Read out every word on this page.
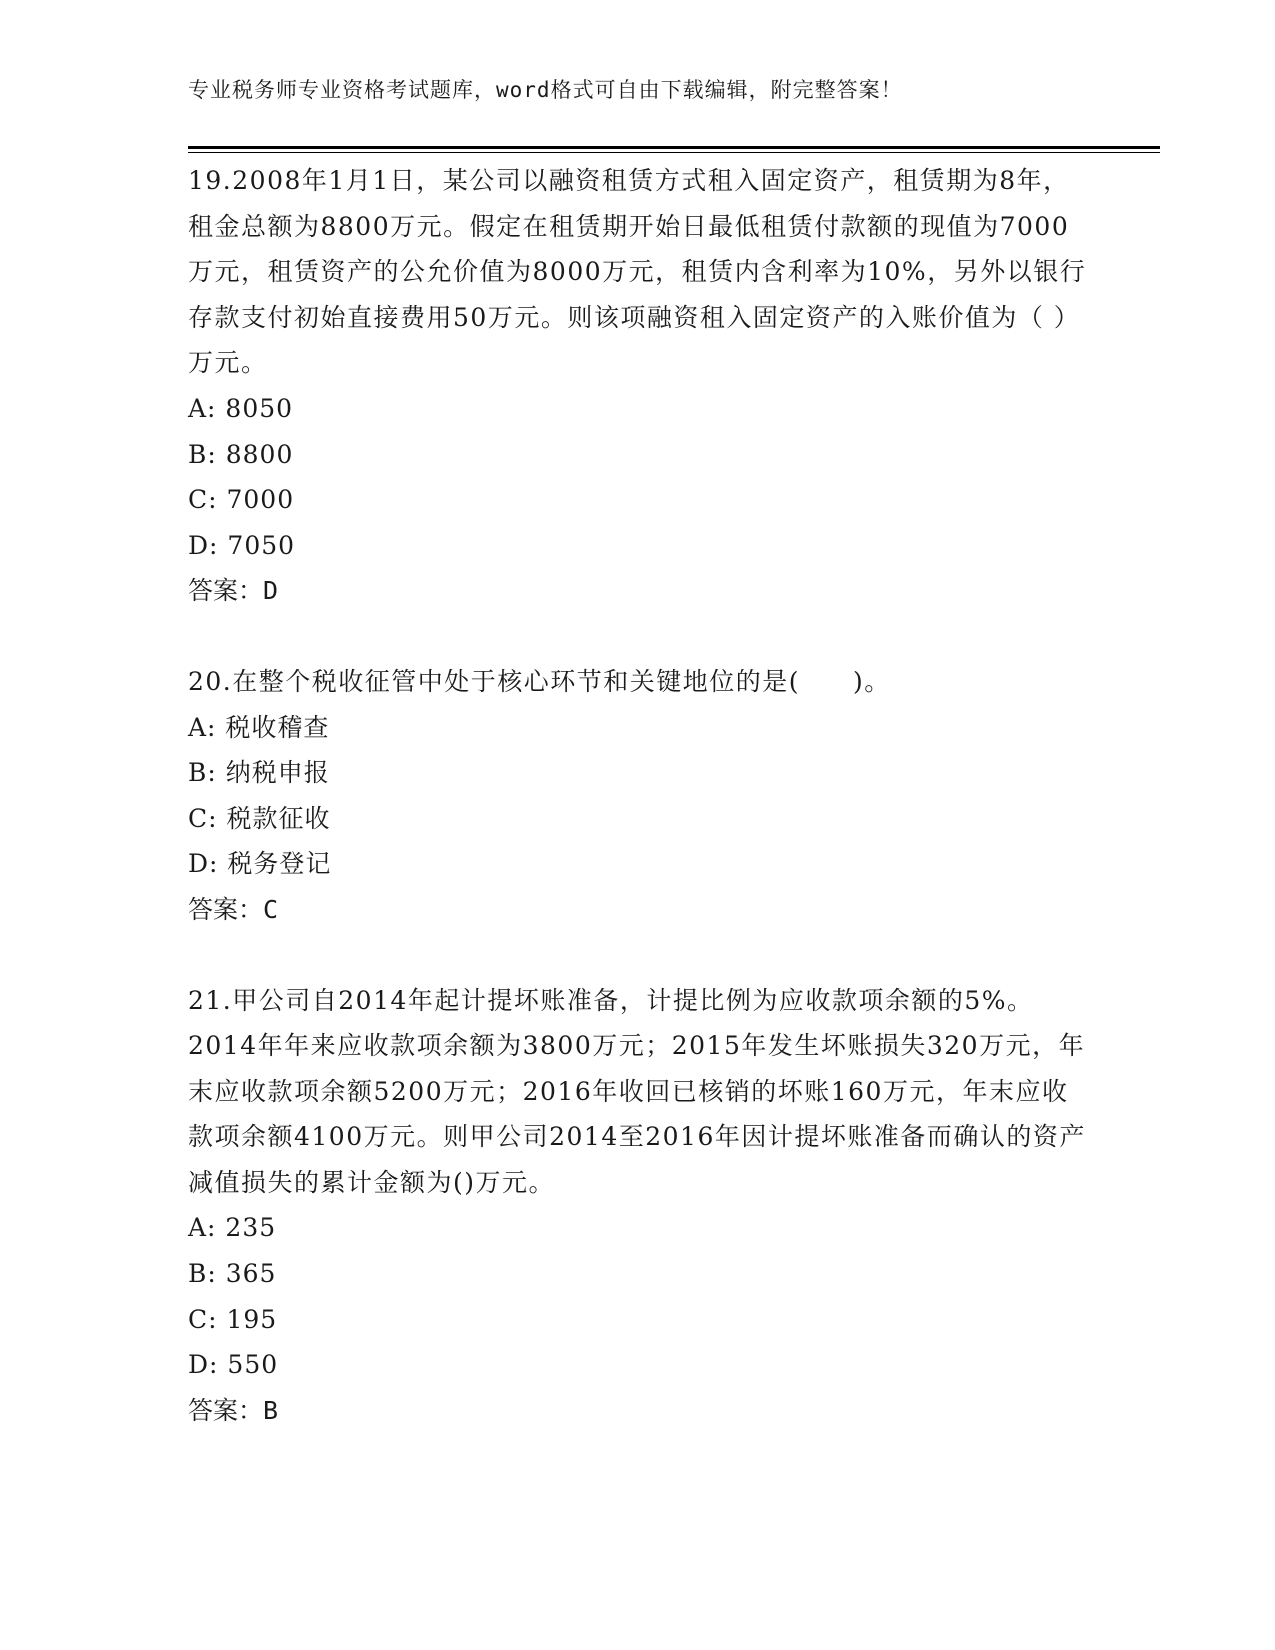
专业税务师专业资格考试题库，word格式可自由下载编辑，附完整答案！

19.2008年1月1日，某公司以融资租赁方式租入固定资产，租赁期为8年，租金总额为8800万元。假定在租赁期开始日最低租赁付款额的现值为7000万元，租赁资产的公允价值为8000万元，租赁内含利率为10%，另外以银行存款支付初始直接费用50万元。则该项融资租入固定资产的入账价值为（ ）万元。

A: 8050

B: 8800

C: 7000

D: 7050

答案：D

20.在整个税收征管中处于核心环节和关键地位的是(　　)。

A: 税收稽查

B: 纳税申报

C: 税款征收

D: 税务登记

答案：C

21.甲公司自2014年起计提坏账准备，计提比例为应收款项余额的5%。2014年年来应收款项余额为3800万元；2015年发生坏账损失320万元，年末应收款项余额5200万元；2016年收回已核销的坏账160万元，年末应收款项余额4100万元。则甲公司2014至2016年因计提坏账准备而确认的资产减值损失的累计金额为()万元。

A: 235

B: 365

C: 195

D: 550

答案：B
